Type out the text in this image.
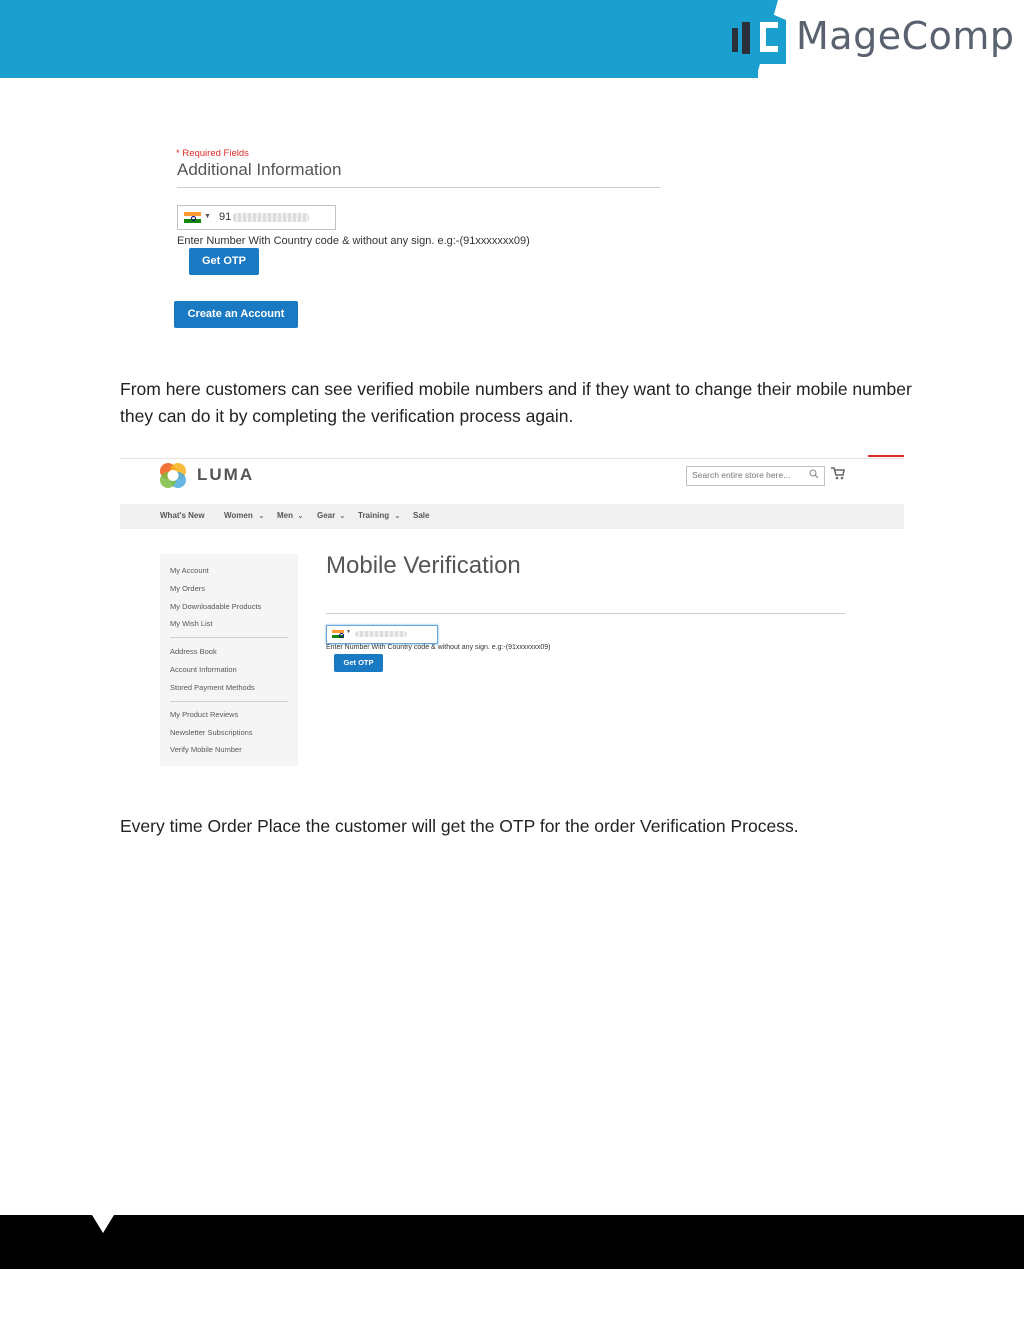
MageComp
* Required Fields
Additional Information
▼ 91
Enter Number With Country code & without any sign. e.g:-(91xxxxxxx09)
Get OTP
Create an Account
From here customers can see verified mobile numbers and if they want to change their mobile number they can do it by completing the verification process again.
LUMA	Search entire store here...
What's New Women ⌄ Men ⌄ Gear ⌄ Training ⌄ Sale
My Account
My Orders
My Downloadable Products
My Wish List
Address Book
Account Information
Stored Payment Methods
My Product Reviews
Newsletter Subscriptions
Verify Mobile Number
Mobile Verification
▼
Enter Number With Country code & without any sign. e.g:-(91xxxxxxx09)
Get OTP
Every time Order Place the customer will get the OTP for the order Verification Process.
